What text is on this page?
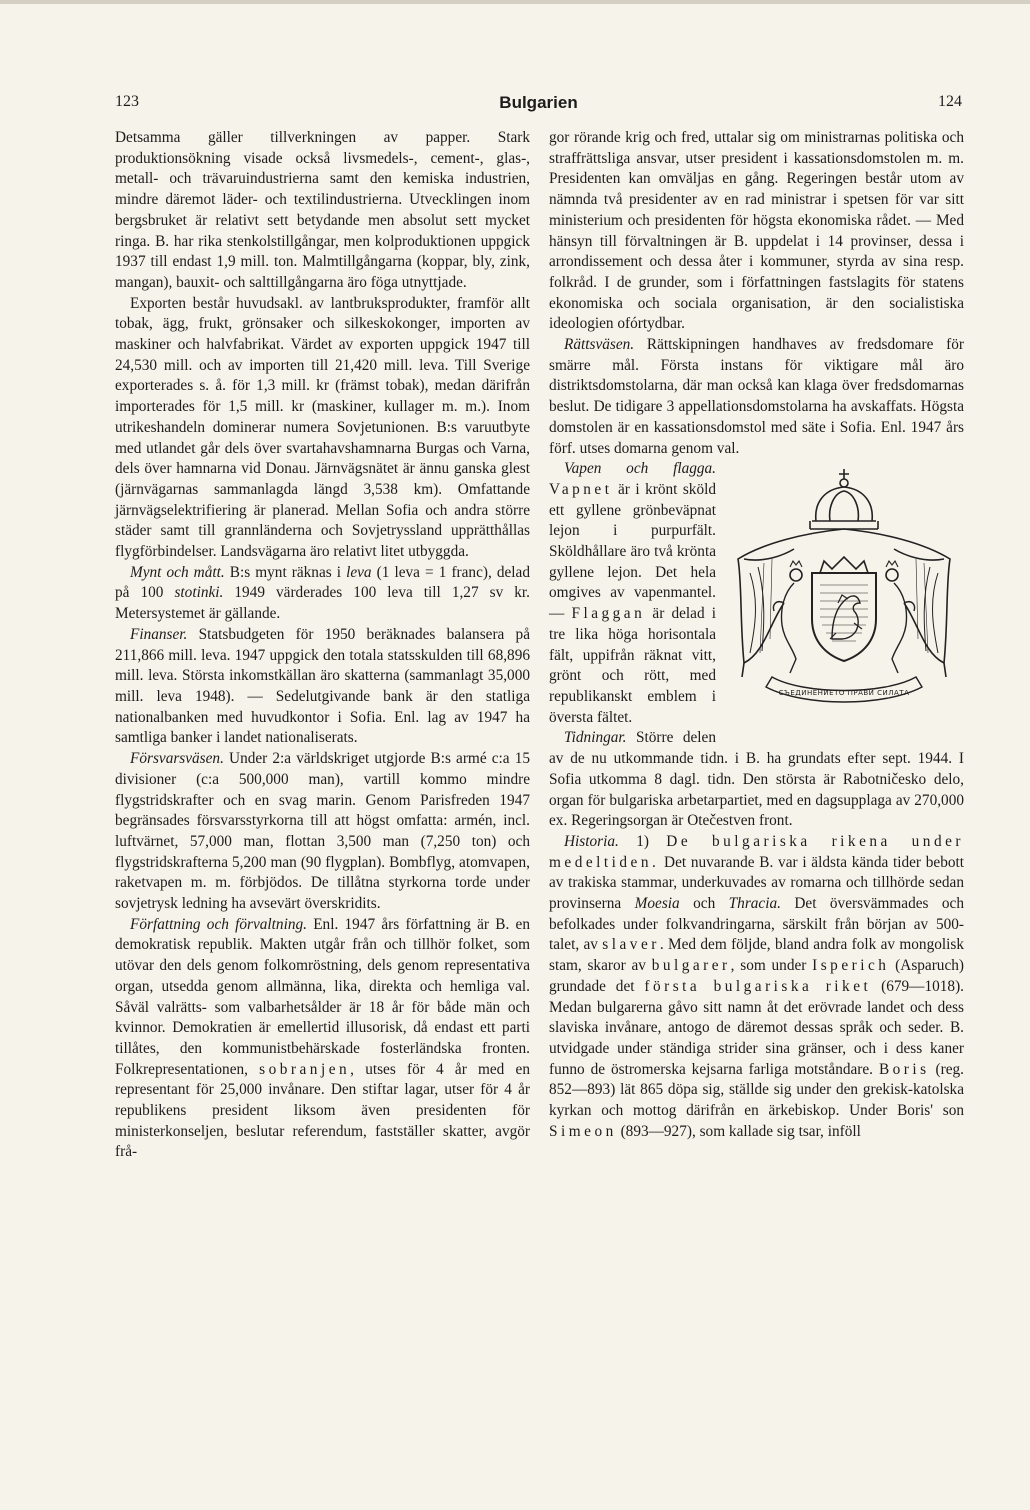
123	Bulgarien	124

Detsamma gäller tillverkningen av papper. Stark produktionsökning visade också livsmedels-, cement-, glas-, metall- och trävaruindustrierna samt den kemiska industrien, mindre däremot läder- och textilindustrierna. Utvecklingen inom bergsbruket är relativt sett betydande men absolut sett mycket ringa. B. har rika stenkolstillgångar, men kolproduktionen uppgick 1937 till endast 1,9 mill. ton. Malmtillgångarna (koppar, bly, zink, mangan), bauxit- och salttillgångarna äro föga utnyttjade.

Exporten består huvudsakl. av lantbruksprodukter, framför allt tobak, ägg, frukt, grönsaker och silkeskokonger, importen av maskiner och halvfabrikat. Värdet av exporten uppgick 1947 till 24,530 mill. och av importen till 21,420 mill. leva. Till Sverige exporterades s. å. för 1,3 mill. kr (främst tobak), medan därifrån importerades för 1,5 mill. kr (maskiner, kullager m. m.). Inom utrikeshandeln dominerar numera Sovjetunionen. B:s varuutbyte med utlandet går dels över svartahavshamnarna Burgas och Varna, dels över hamnarna vid Donau. Järnvägsnätet är ännu ganska glest (järnvägarnas sammanlagda längd 3,538 km). Omfattande järnvägselektrifiering är planerad. Mellan Sofia och andra större städer samt till grannländerna och Sovjetryssland upprätthållas flygförbindelser. Landsvägarna äro relativt litet utbyggda.

Mynt och mått. B:s mynt räknas i leva (1 leva = 1 franc), delad på 100 stotinki. 1949 värderades 100 leva till 1,27 sv kr. Metersystemet är gällande.

Finanser. Statsbudgeten för 1950 beräknades balansera på 211,866 mill. leva. 1947 uppgick den totala statsskulden till 68,896 mill. leva. Största inkomstkällan äro skatterna (sammanlagt 35,000 mill. leva 1948). — Sedelutgivande bank är den statliga nationalbanken med huvudkontor i Sofia. Enl. lag av 1947 ha samtliga banker i landet nationaliserats.

Försvarsväsen. Under 2:a världskriget utgjorde B:s armé c:a 15 divisioner (c:a 500,000 man), vartill kommo mindre flygstridskrafter och en svag marin. Genom Parisfreden 1947 begränsades försvarsstyrkorna till att högst omfatta: armén, incl. luftvärnet, 57,000 man, flottan 3,500 man (7,250 ton) och flygstridskrafterna 5,200 man (90 flygplan). Bombflyg, atomvapen, raketvapen m. m. förbjödos. De tillåtna styrkorna torde under sovjetrysk ledning ha avsevärt överskridits.

Författning och förvaltning. Enl. 1947 års författning är B. en demokratisk republik. Makten utgår från och tillhör folket, som utövar den dels genom folkomröstning, dels genom representativa organ, utsedda genom allmänna, lika, direkta och hemliga val. Såväl valrätts- som valbarhetsålder är 18 år för både män och kvinnor. Demokratien är emellertid illusorisk, då endast ett parti tillåtes, den kommunistbehärskade fosterländska fronten. Folkrepresentationen, sobranjen, utses för 4 år med en representant för 25,000 invånare. Den stiftar lagar, utser för 4 år republikens president liksom även presidenten för ministerkonseljen, beslutar referendum, fastställer skatter, avgör frå-

gor rörande krig och fred, uttalar sig om ministrarnas politiska och straffrättsliga ansvar, utser president i kassationsdomstolen m. m. Presidenten kan omväljas en gång. Regeringen består utom av nämnda två presidenter av en rad ministrar i spetsen för var sitt ministerium och presidenten för högsta ekonomiska rådet. — Med hänsyn till förvaltningen är B. uppdelat i 14 provinser, dessa i arrondissement och dessa åter i kommuner, styrda av sina resp. folkråd. I de grunder, som i författningen fastslagits för statens ekonomiska och sociala organisation, är den socialistiska ideologien ofórtydbar.

Rättsväsen. Rättskipningen handhaves av fredsdomare för smärre mål. Första instans för viktigare mål äro distriktsdomstolarna, där man också kan klaga över fredsdomarnas beslut. De tidigare 3 appellationsdomstolarna ha avskaffats. Högsta domstolen är en kassationsdomstol med säte i Sofia. Enl. 1947 års förf. utses domarna genom val.

Vapen och flagga.
СЪЕДИНЕНИЕТО ПРАВИ СИЛАТА
Vapnet är i krönt sköld ett gyllene grönbeväpnat lejon i purpurfält. Sköldhållare äro två krönta gyllene lejon. Det hela omgives av vapenmantel. — Flaggan är delad i tre lika höga horisontala fält, uppifrån räknat vitt, grönt och rött, med republikanskt emblem i översta fältet.

Tidningar. Större delen av de nu utkommande tidn. i B. ha grundats efter sept. 1944. I Sofia utkomma 8 dagl. tidn. Den största är Rabotničesko delo, organ för bulgariska arbetarpartiet, med en dagsupplaga av 270,000 ex. Regeringsorgan är Otečestven front.

Historia. 1) De bulgariska rikena under medeltiden. Det nuvarande B. var i äldsta kända tider bebott av trakiska stammar, underkuvades av romarna och tillhörde sedan provinserna Moesia och Thracia. Det översvämmades och befolkades under folkvandringarna, särskilt från början av 500-talet, av slaver. Med dem följde, bland andra folk av mongolisk stam, skaror av bulgarer, som under Isperich (Asparuch) grundade det första bulgariska riket (679—1018). Medan bulgarerna gåvo sitt namn åt det erövrade landet och dess slaviska invånare, antogo de däremot dessas språk och seder. B. utvidgade under ständiga strider sina gränser, och i dess kaner funno de östromerska kejsarna farliga motståndare. Boris (reg. 852—893) lät 865 döpa sig, ställde sig under den grekisk-katolska kyrkan och mottog därifrån en ärkebiskop. Under Boris' son Simeon (893—927), som kallade sig tsar, inföll
